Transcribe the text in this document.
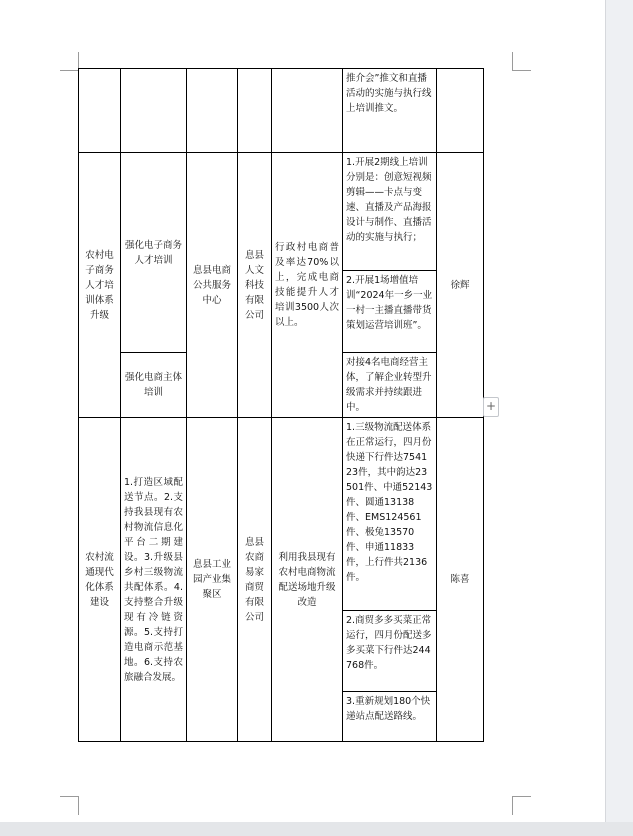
					推介会”推文和直播活动的实施与执行线上培训推文。	
农村电子商务人才培训体系升级	强化电子商务人才培训	息县电商公共服务中心	息县人文科技有限公司	行政村电商普及率达70%以上，完成电商技能提升人才培训3500人次以上。	1.开展2期线上培训分别是：创意短视频剪辑——卡点与变速、直播及产品海报设计与制作、直播活动的实施与执行；	徐辉
					2.开展1场增值培训“2024年一乡一业一村一主播直播带货策划运营培训班”。	
	强化电商主体培训				对接4名电商经营主体，了解企业转型升级需求并持续跟进中。	
农村流通现代化体系建设	1.打造区域配送节点。2.支持我县现有农村物流信息化平台二期建设。3.升级县乡村三级物流共配体系。4.支持整合升级现有冷链资源。5.支持打造电商示范基地。6.支持农旅融合发展。	息县工业园产业集聚区	息县农商易家商贸有限公司	利用我县现有农村电商物流配送场地升级改造	1.三级物流配送体系在正常运行，四月份快递下行件达754123件，其中韵达23501件、中通52143件、圆通13138件、EMS124561件、极兔13570件、申通11833件，上行件共2136件。	陈喜
					2.商贸多多买菜正常运行，四月份配送多多买菜下行件达244768件。	
					3.重新规划180个快递站点配送路线。	
+
